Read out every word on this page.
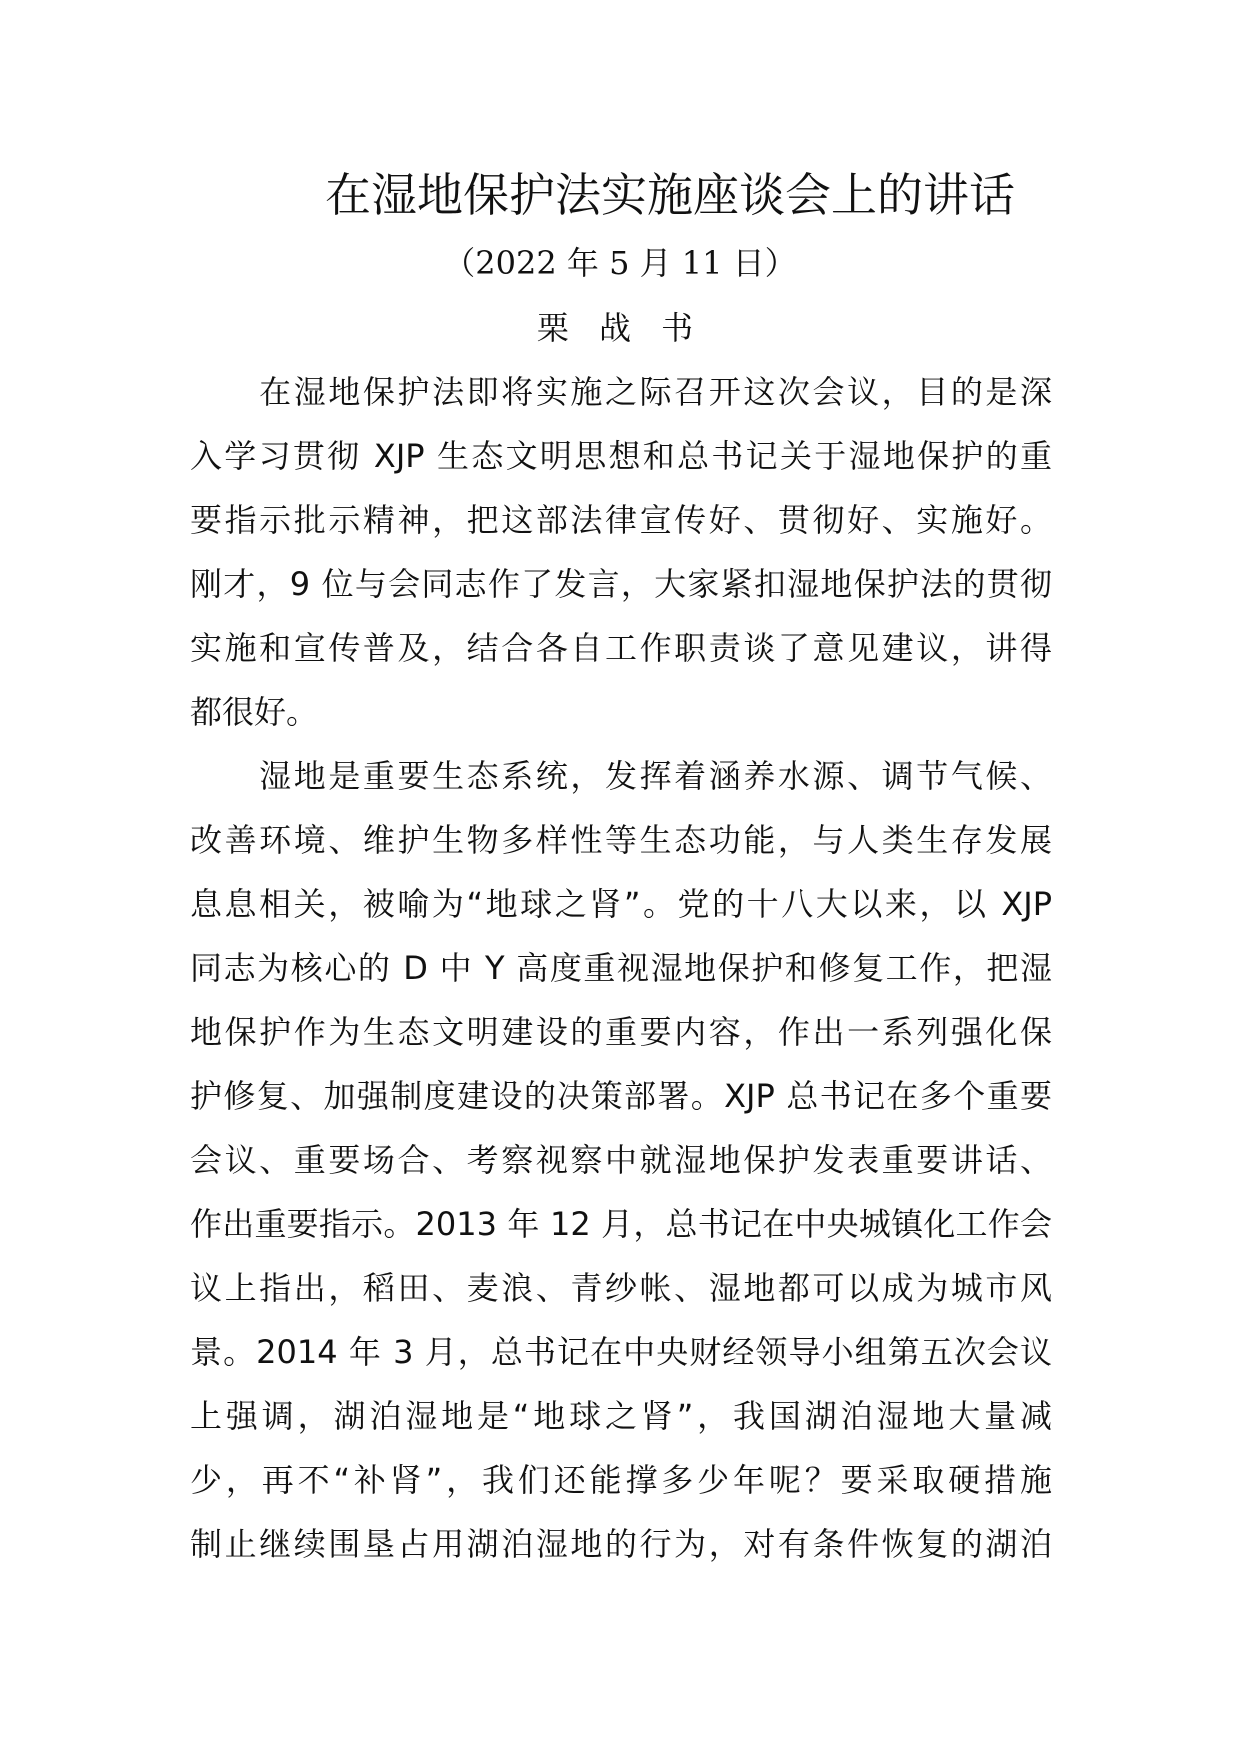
在湿地保护法实施座谈会上的讲话
（2022 年 5 月 11 日）
栗 战 书
　　在湿地保护法即将实施之际召开这次会议，目的是深
入学习贯彻 XJP 生态文明思想和总书记关于湿地保护的重
要指示批示精神，把这部法律宣传好、贯彻好、实施好。
刚才，9 位与会同志作了发言，大家紧扣湿地保护法的贯彻
实施和宣传普及，结合各自工作职责谈了意见建议，讲得
都很好。
　　湿地是重要生态系统，发挥着涵养水源、调节气候、
改善环境、维护生物多样性等生态功能，与人类生存发展
息息相关，被喻为“地球之肾”。党的十八大以来，以 XJP
同志为核心的 D 中 Y 高度重视湿地保护和修复工作，把湿
地保护作为生态文明建设的重要内容，作出一系列强化保
护修复、加强制度建设的决策部署。XJP 总书记在多个重要
会议、重要场合、考察视察中就湿地保护发表重要讲话、
作出重要指示。2013 年 12 月，总书记在中央城镇化工作会
议上指出，稻田、麦浪、青纱帐、湿地都可以成为城市风
景。2014 年 3 月，总书记在中央财经领导小组第五次会议
上强调，湖泊湿地是“地球之肾”，我国湖泊湿地大量减
少，再不“补肾”，我们还能撑多少年呢？要采取硬措施
制止继续围垦占用湖泊湿地的行为，对有条件恢复的湖泊
